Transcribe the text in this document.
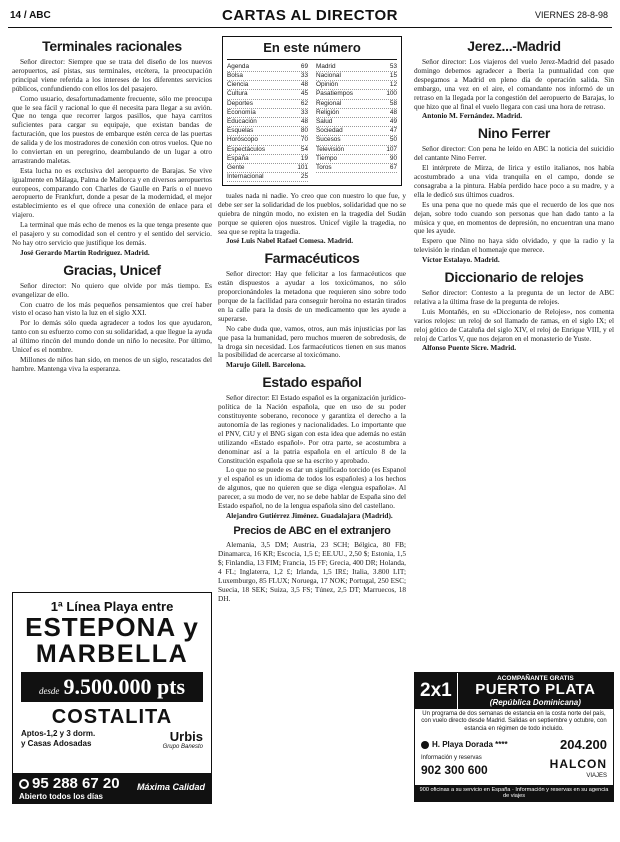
14 / ABC	CARTAS AL DIRECTOR	VIERNES 28-8-98
Terminales racionales

Señor director: Siempre que se trata del diseño de los nuevos aeropuertos, así pistas, sus terminales, etcétera, la preocupación principal viene referida a los intereses de los diferentes servicios públicos, confundiendo con ellos los del pasajero.

Como usuario, desafortunadamente frecuente, sólo me preocupa que le sea fácil y racional lo que él necesita para llegar a su avión. Que no tenga que recorrer largos pasillos, que haya carritos suficientes para cargar su equipaje, que existan bandas de facturación, que los puestos de embarque estén cerca de las puertas de salida y de los mostradores de conexión con otros vuelos. Que no lo conviertan en un peregrino, deambulando de un lugar a otro arrastrando maletas.

Esta lucha no es exclusiva del aeropuerto de Barajas. Se vive igualmente en Málaga, Palma de Mallorca y en diversos aeropuertos europeos, comparando con Charles de Gaulle en París o el nuevo aeropuerto de Frankfurt, donde a pesar de la modernidad, el mejor establecimiento es el que ofrece una conexión de enlace para el viajero.

La terminal que más echo de menos es la que tenga presente que el pasajero y su comodidad son el centro y el sentido del servicio. No hay otro servicio que justifique los demás.

José Gerardo Martín Rodríguez. Madrid.

Gracias, Unicef

Señor director: No quiero que olvide por más tiempo. Es evangelizar de ello.

Con cuatro de los más pequeños pensamientos que creí haber visto el ocaso han visto la luz en el siglo XXI.

Por lo demás sólo queda agradecer a todos los que ayudaron, tanto con su esfuerzo como con su solidaridad, a que llegue la ayuda al último rincón del mundo donde un niño lo necesite. Por último, Unicef es el nombre.

Millones de niños han sido, en menos de un siglo, rescatados del hambre. Mantenga viva la esperanza.

En este número
Agenda	69
Bolsa	33
Ciencia	48
Cultura	45
Deportes	62
Economía	33
Educación	48
Esquelas	80
Horóscopo	70
Espectáculos	54
España	19
Gente	101
Internacional	25
Madrid	53
Nacional	15
Opinión	12
Pasatiempos	100
Regional	58
Religión	48
Salud	49
Sociedad	47
Sucesos	50
Televisión	107
Tiempo	90
Toros	67

tuales nada ni nadie. Yo creo que con nuestro lo que fue, y debe ser ser la solidaridad de los pueblos, solidaridad que no se quiebra de ningún modo, no existen en la tragedia del Sudán porque se quieren ojos nuestros. Unicef vigile la tragedia, no sea que se repita la tragedia.

José Luis Nabel Rafael Comesa. Madrid.

Farmacéuticos

Señor director: Hay que felicitar a los farmacéuticos que están dispuestos a ayudar a los toxicómanos, no sólo proporcionándoles la metadona que requieren sino sobre todo porque de la facilidad para conseguir heroína no estarán tirados en la calle para la dosis de un medicamento que les ayude a superarse.

No cabe duda que, vamos, otros, aun más injusticias por las que pasa la humanidad, pero muchos mueren de sobredosis, de la droga sin necesidad. Los farmacéuticos tienen en sus manos la posibilidad de acercarse al toxicómano.

Marujo Gilell. Barcelona.

Estado español

Señor director: El Estado español es la organización jurídico-política de la Nación española, que en uso de su poder constituyente soberano, reconoce y garantiza el derecho a la autonomía de las regiones y nacionalidades. Lo importante que el PNV, CiU y el BNG sigan con esta idea que además no están utilizando «Estado español». Por otra parte, se acostumbra a denominar así a la patria española en el artículo 8 de la Constitución española que se ha escrito y aprobado.

Lo que no se puede es dar un significado torcido (es Espanol y el español es un idioma de todos los españoles) a los hechos de algunos, que no quieren que se diga «lengua española». Al parecer, a su modo de ver, no se debe hablar de España sino del Estado español, no de la lengua española sino del castellano.

Alejandro Gutiérrez Jiménez. Guadalajara (Madrid).

Precios de ABC en el extranjero

Alemania, 3,5 DM; Austria, 23 SCH; Bélgica, 80 FB; Dinamarca, 16 KR; Escocia, 1,5 £; EE.UU., 2,50 $; Estonia, 1,5 $; Finlandia, 13 FIM; Francia, 15 FF; Grecia, 400 DR; Holanda, 4 FL; Inglaterra, 1,2 £; Irlanda, 1,5 IR£; Italia, 3.800 LIT; Luxemburgo, 85 FLUX; Noruega, 17 NOK; Portugal, 250 ESC; Suecia, 18 SEK; Suiza, 3,5 FS; Túnez, 2,5 DT; Marruecos, 18 DH.

Jerez...-Madrid

Señor director: Los viajeros del vuelo Jerez-Madrid del pasado domingo debemos agradecer a Iberia la puntualidad con que despegamos a Madrid en pleno día de operación salida. Sin embargo, una vez en el aire, el comandante nos informó de un retraso en la llegada por la congestión del aeropuerto de Barajas, lo que hizo que al final el vuelo llegara con casi una hora de retraso.

Antonio M. Fernández. Madrid.

Nino Ferrer

Señor director: Con pena he leído en ABC la noticia del suicidio del cantante Nino Ferrer.

El intérprete de Mirza, de lírica y estilo italianos, nos había acostumbrado a una vida tranquila en el campo, donde se consagraba a la pintura. Había perdido hace poco a su madre, y a ella le dedicó sus últimos cuadros.

Es una pena que no quede más que el recuerdo de los que nos dejan, sobre todo cuando son personas que han dado tanto a la música y que, en momentos de depresión, no encuentran una mano que les ayude.

Espero que Nino no haya sido olvidado, y que la radio y la televisión le rindan el homenaje que merece.

Víctor Estalayo. Madrid.

Diccionario de relojes

Señor director: Contesto a la pregunta de un lector de ABC relativa a la última frase de la pregunta de relojes.

Luis Montañés, en su «Diccionario de Relojes», nos comenta varios relojes: un reloj de sol llamado de ramas, en el siglo IX; el reloj gótico de Cataluña del siglo XIV, el reloj de Enrique VIII, y el reloj de Carlos V, que nos dejaron en el monasterio de Yuste.

Alfonso Puente Sicre. Madrid.

1ª Línea Playa entre
ESTEPONA y
MARBELLA
desde 9.500.000 pts
COSTALITA
Aptos-1,2 y 3 dorm.
y Casas Adosadas	Urbis
Grupo Banesto
95 288 67 20
Abierto todos los días
Máxima Calidad
2x1
ACOMPAÑANTE GRATIS
PUERTO PLATA
(República Dominicana)
Un programa de dos semanas de estancia en la costa norte del país, con vuelo directo desde Madrid. Salidas en septiembre y octubre, con estancia en régimen de todo incluido.
H. Playa Dorada ****	204.200
Información y reservas
902 300 600	HALCON
VIAJES
900 oficinas a su servicio en España · Información y reservas en su agencia de viajes
